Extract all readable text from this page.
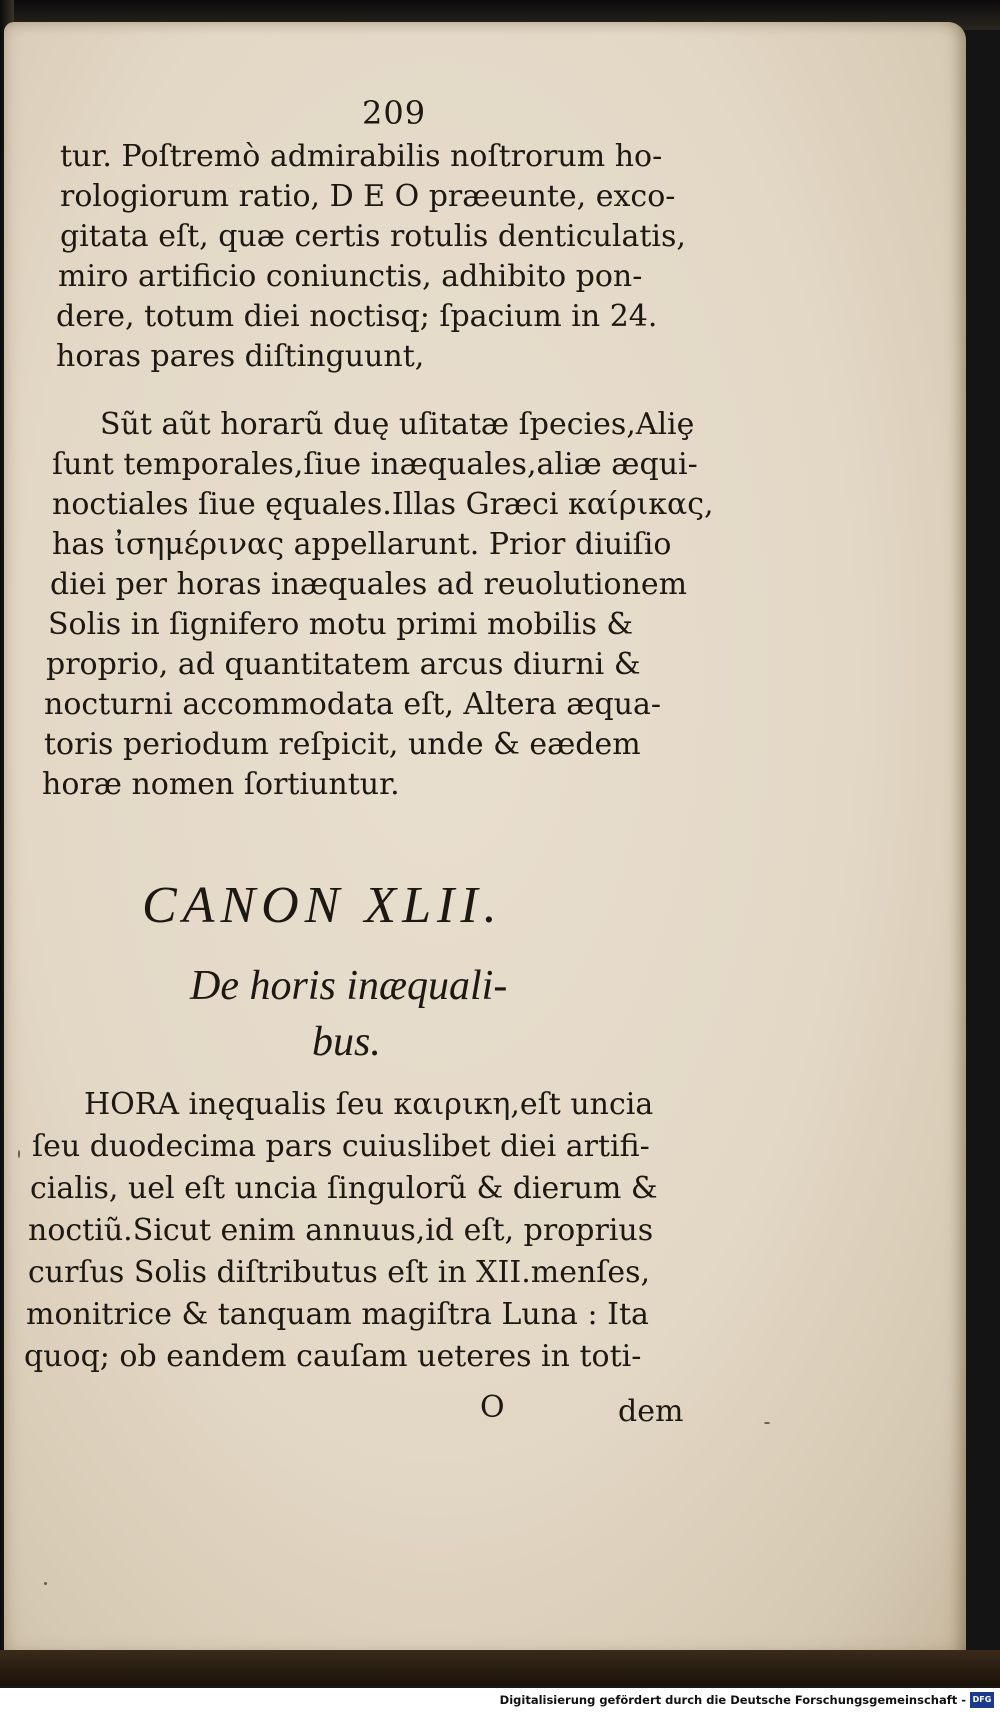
209
tur. Poſtremò admirabilis noſtrorum ho-
rologiorum ratio, D E O præeunte, exco-
gitata eſt, quæ certis rotulis denticulatis,
miro artificio coniunctis, adhibito pon-
dere, totum diei noctisq; ſpacium in 24.
horas pares diſtinguunt,
Sũt aũt horarũ duę uſitatæ ſpecies,Aliȩ
ſunt temporales,ſiue inæquales,aliæ æqui-
noctiales ſiue ęquales.Illas Græci καίρικας,
has ἰσημέρινας appellarunt. Prior diuiſio
diei per horas inæquales ad reuolutionem
Solis in ſignifero motu primi mobilis &
proprio, ad quantitatem arcus diurni &
nocturni accommodata eſt, Altera æqua-
toris periodum reſpicit, unde & eædem
horæ nomen ſortiuntur.
CANON XLII.
De horis inæquali-
bus.
HORA inęqualis ſeu καιρικη,eſt uncia
ſeu duodecima pars cuiuslibet diei artifi-
cialis, uel eſt uncia ſingulorũ & dierum &
noctiũ.Sicut enim annuus,id eſt, proprius
curſus Solis diſtributus eſt in XII.menſes,
monitrice & tanquam magiſtra Luna : Ita
quoq; ob eandem cauſam ueteres in toti-
O	dem
Digitalisierung gefördert durch die Deutsche Forschungsgemeinschaft - DFG
